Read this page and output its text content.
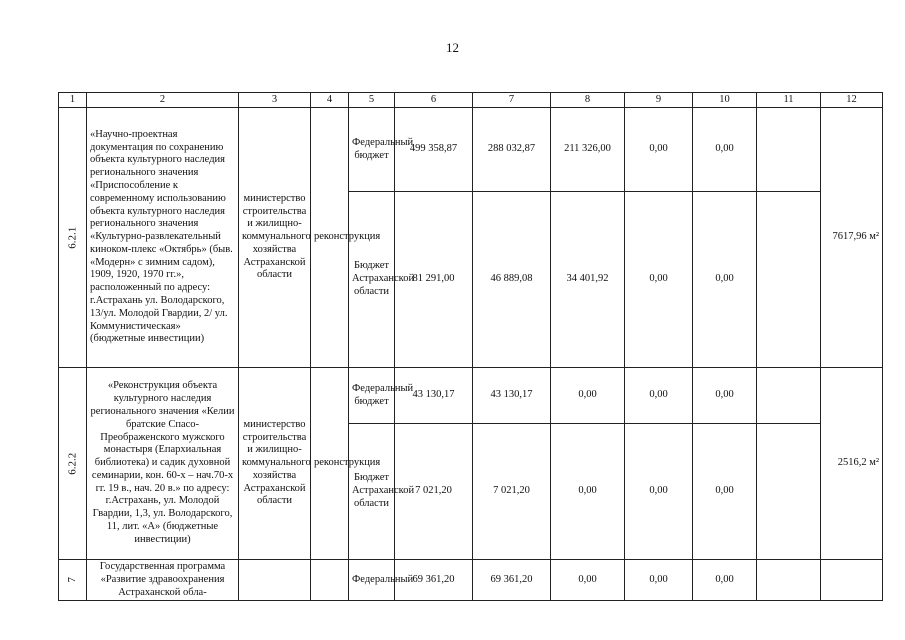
12
1	2	3	4	5	6	7	8	9	10	11	12
6.2.1	«Научно-проектная документация по сохранению объекта культурного наследия регионального значения «Приспособление к современному использованию объекта культурного наследия регионального значения «Культурно-развлекательный киноком-плекс «Октябрь» (быв. «Модерн» с зимним садом), 1909, 1920, 1970 гг.», расположенный по адресу: г.Астрахань ул. Володарского, 13/ул. Молодой Гвардии, 2/ ул. Коммунистическая» (бюджетные инвестиции)	министерство строительства и жилищно-коммунального хозяйства Астраханской области	реконструкция	Федеральный бюджет	499 358,87	288 032,87	211 326,00	0,00	0,00		7617,96 м²
				Бюджет Астраханской области	81 291,00	46 889,08	34 401,92	0,00	0,00		
6.2.2	«Реконструкция объекта культурного наследия регионального значения «Келии братские Спасо-Преображенского мужского монастыря (Епархиальная библиотека) и садик духовной семинарии, кон. 60-х – нач.70-х гг. 19 в., нач. 20 в.» по адресу: г.Астрахань, ул. Молодой Гвардии, 1,3, ул. Володарского, 11, лит. «А» (бюджетные инвестиции)	министерство строительства и жилищно-коммунального хозяйства Астраханской области	реконструкция	Федеральный бюджет	43 130,17	43 130,17	0,00	0,00	0,00		2516,2 м²
				Бюджет Астраханской области	7 021,20	7 021,20	0,00	0,00	0,00		
7	Государственная программа «Развитие здравоохранения Астраханской обла-			Федеральный	69 361,20	69 361,20	0,00	0,00	0,00		
